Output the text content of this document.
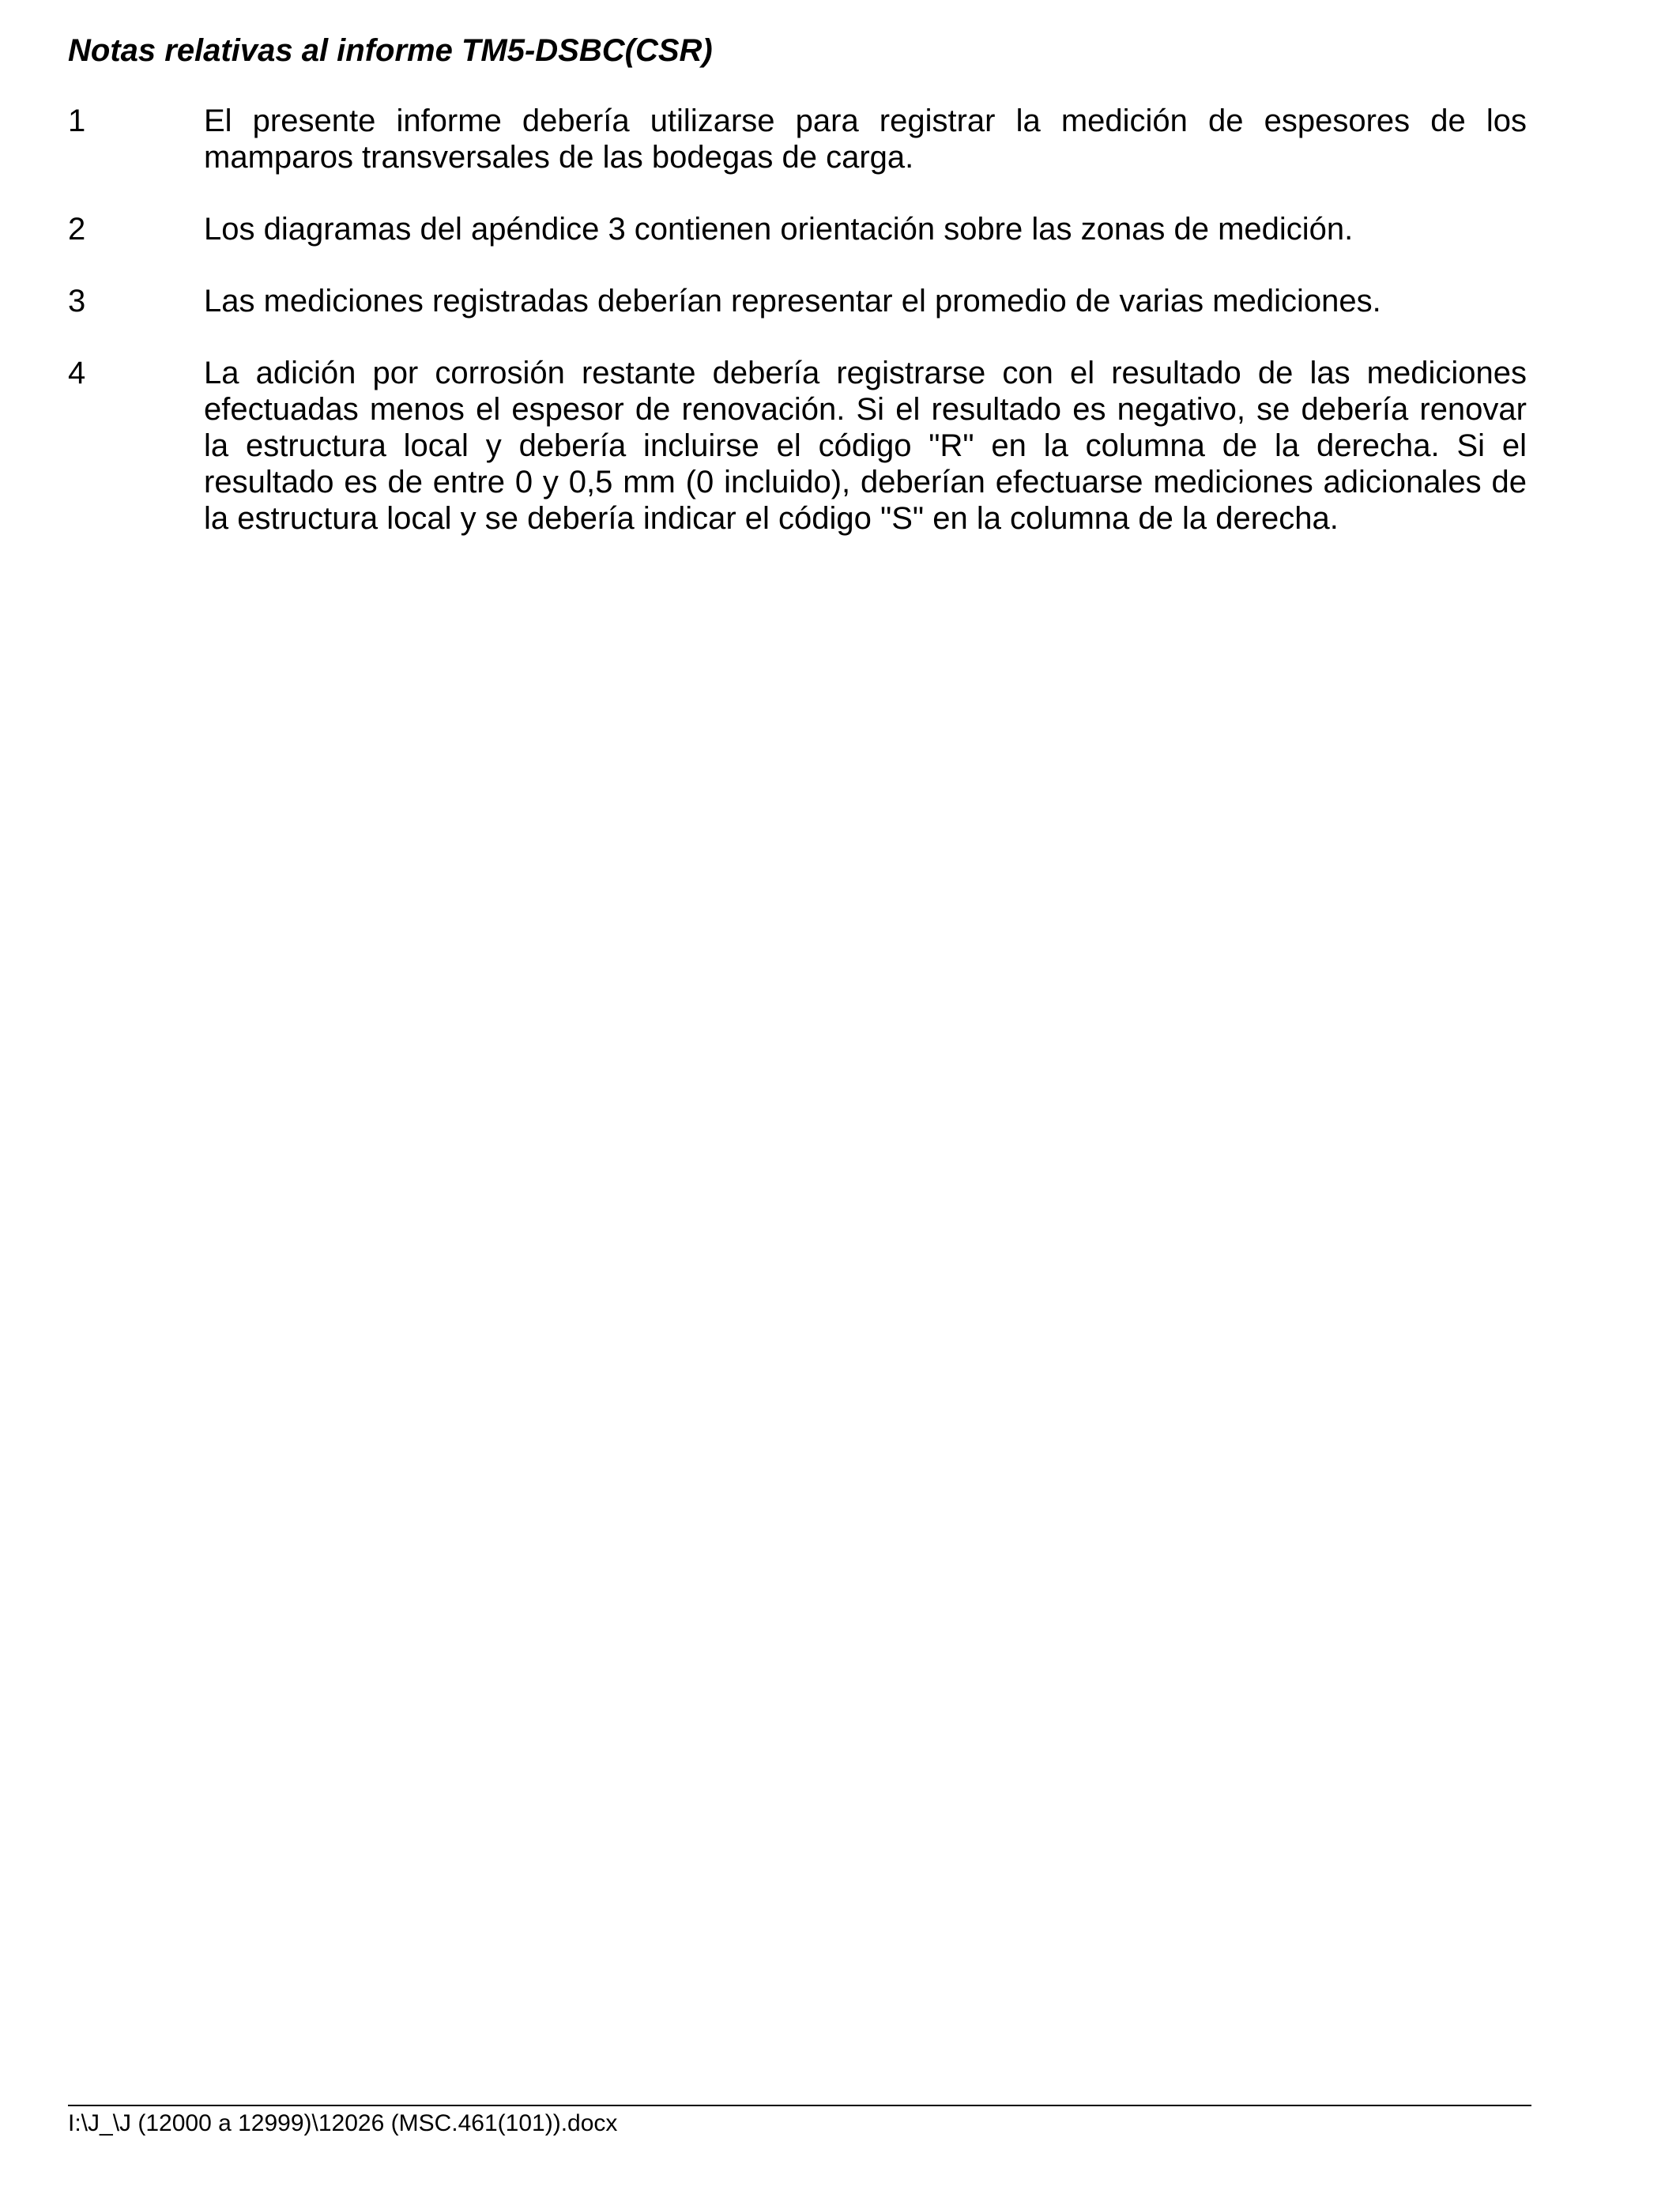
Notas relativas al informe TM5-DSBC(CSR)
1	El presente informe debería utilizarse para registrar la medición de espesores de los mamparos transversales de las bodegas de carga.
2	Los diagramas del apéndice 3 contienen orientación sobre las zonas de medición.
3	Las mediciones registradas deberían representar el promedio de varias mediciones.
4	La adición por corrosión restante debería registrarse con el resultado de las mediciones efectuadas menos el espesor de renovación. Si el resultado es negativo, se debería renovar la estructura local y debería incluirse el código "R" en la columna de la derecha. Si el resultado es de entre 0 y 0,5 mm (0 incluido), deberían efectuarse mediciones adicionales de la estructura local y se debería indicar el código "S" en la columna de la derecha.
I:\J_\J (12000 a 12999)\12026 (MSC.461(101)).docx
